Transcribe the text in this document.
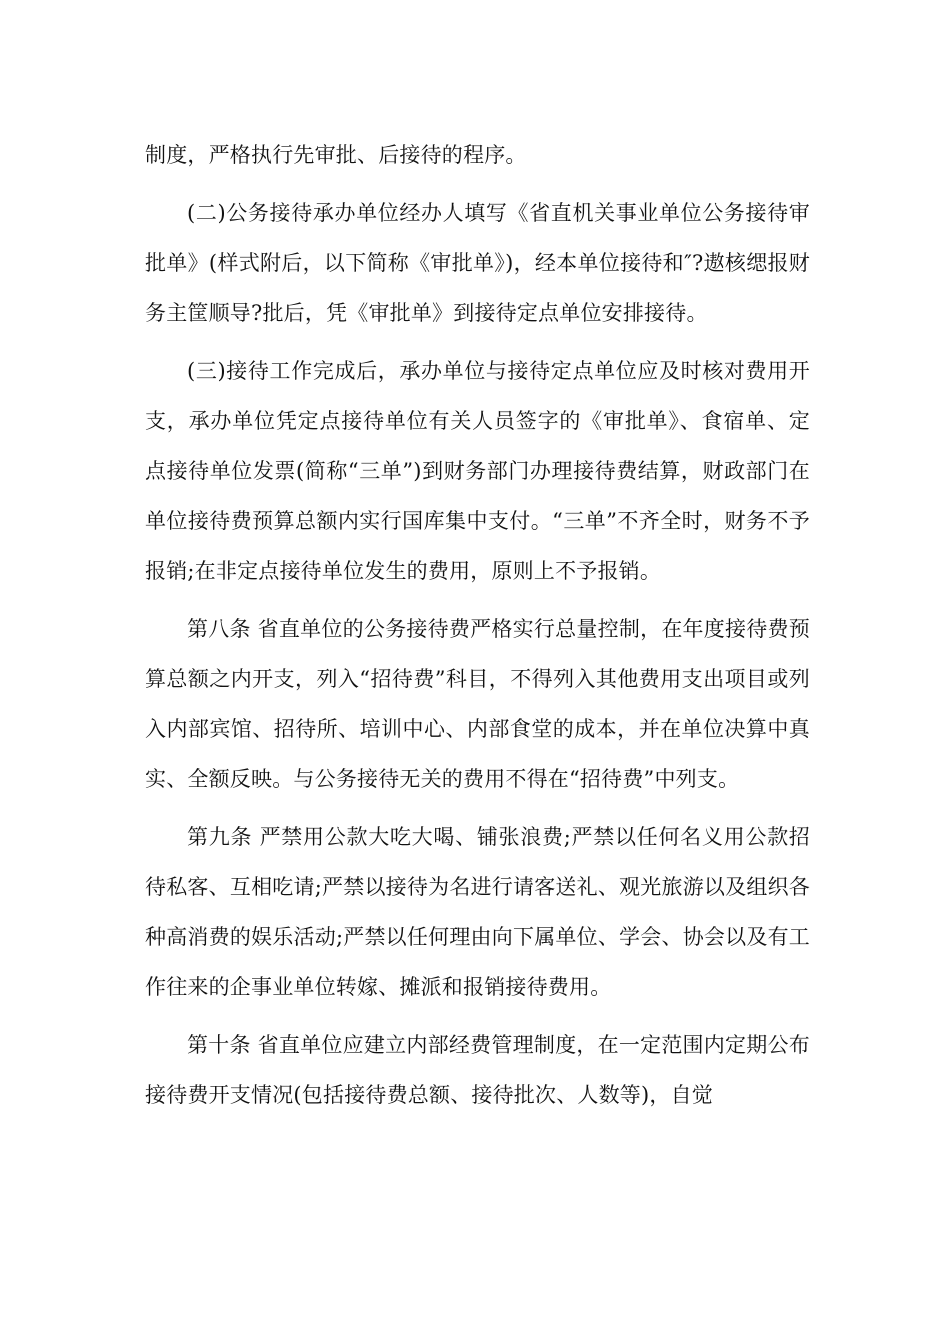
制度，严格执行先审批、后接待的程序。

(二)公务接待承办单位经办人填写《省直机关事业单位公务接待审批单》(样式附后，以下简称《审批单》)，经本单位接待和″?遨核缌报财务主筐顺导?批后，凭《审批单》到接待定点单位安排接待。

(三)接待工作完成后，承办单位与接待定点单位应及时核对费用开支，承办单位凭定点接待单位有关人员签字的《审批单》、食宿单、定点接待单位发票(简称“三单”)到财务部门办理接待费结算，财政部门在单位接待费预算总额内实行国库集中支付。“三单”不齐全时，财务不予报销;在非定点接待单位发生的费用，原则上不予报销。

第八条 省直单位的公务接待费严格实行总量控制，在年度接待费预算总额之内开支，列入“招待费”科目，不得列入其他费用支出项目或列入内部宾馆、招待所、培训中心、内部食堂的成本，并在单位决算中真实、全额反映。与公务接待无关的费用不得在“招待费”中列支。

第九条 严禁用公款大吃大喝、铺张浪费;严禁以任何名义用公款招待私客、互相吃请;严禁以接待为名进行请客送礼、观光旅游以及组织各种高消费的娱乐活动;严禁以任何理由向下属单位、学会、协会以及有工作往来的企事业单位转嫁、摊派和报销接待费用。

第十条 省直单位应建立内部经费管理制度，在一定范围内定期公布接待费开支情况(包括接待费总额、接待批次、人数等)，自觉
